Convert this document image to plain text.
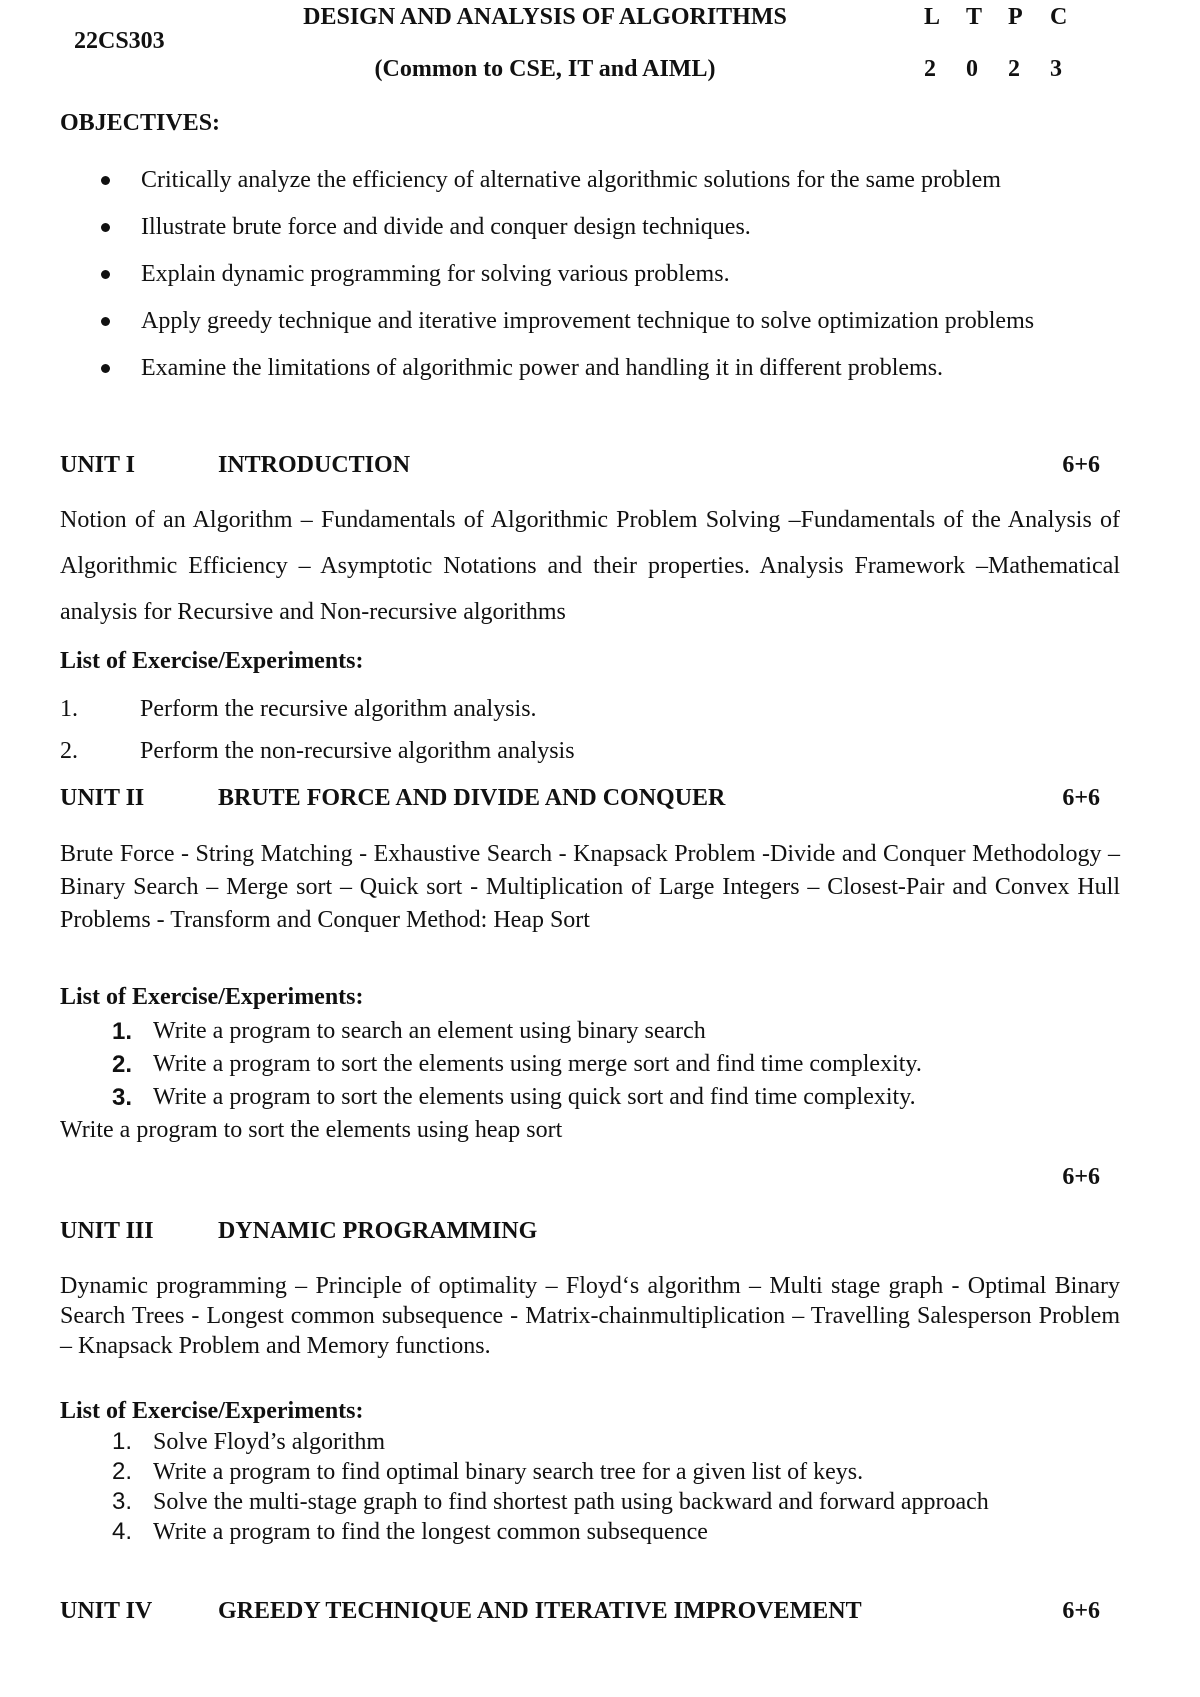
22CS303
DESIGN AND ANALYSIS OF ALGORITHMS
(Common to CSE, IT and AIML)
L T P C
2 0 2 3
OBJECTIVES:
Critically analyze the efficiency of alternative algorithmic solutions for the same problem
Illustrate brute force and divide and conquer design techniques.
Explain dynamic programming for solving various problems.
Apply greedy technique and iterative improvement technique to solve optimization problems
Examine the limitations of algorithmic power and handling it in different problems.
UNIT I	INTRODUCTION	6+6
Notion of an Algorithm – Fundamentals of Algorithmic Problem Solving –Fundamentals of the Analysis of Algorithmic Efficiency – Asymptotic Notations and their properties. Analysis Framework –Mathematical analysis for Recursive and Non-recursive algorithms
List of Exercise/Experiments:
1.	Perform the recursive algorithm analysis.
2.	Perform the non-recursive algorithm analysis
UNIT II	BRUTE FORCE AND DIVIDE AND CONQUER	6+6
Brute Force - String Matching - Exhaustive Search - Knapsack Problem -Divide and Conquer Methodology – Binary Search – Merge sort – Quick sort - Multiplication of Large Integers – Closest-Pair and Convex Hull Problems - Transform and Conquer Method: Heap Sort
List of Exercise/Experiments:
1. Write a program to search an element using binary search
2. Write a program to sort the elements using merge sort and find time complexity.
3. Write a program to sort the elements using quick sort and find time complexity.
Write a program to sort the elements using heap sort
6+6
UNIT III	DYNAMIC PROGRAMMING
Dynamic programming – Principle of optimality – Floyd‘s algorithm – Multi stage graph - Optimal Binary Search Trees - Longest common subsequence - Matrix-chainmultiplication – Travelling Salesperson Problem – Knapsack Problem and Memory functions.
List of Exercise/Experiments:
1. Solve Floyd’s algorithm
2. Write a program to find optimal binary search tree for a given list of keys.
3. Solve the multi-stage graph to find shortest path using backward and forward approach
4. Write a program to find the longest common subsequence
UNIT IV	GREEDY TECHNIQUE AND ITERATIVE IMPROVEMENT	6+6
